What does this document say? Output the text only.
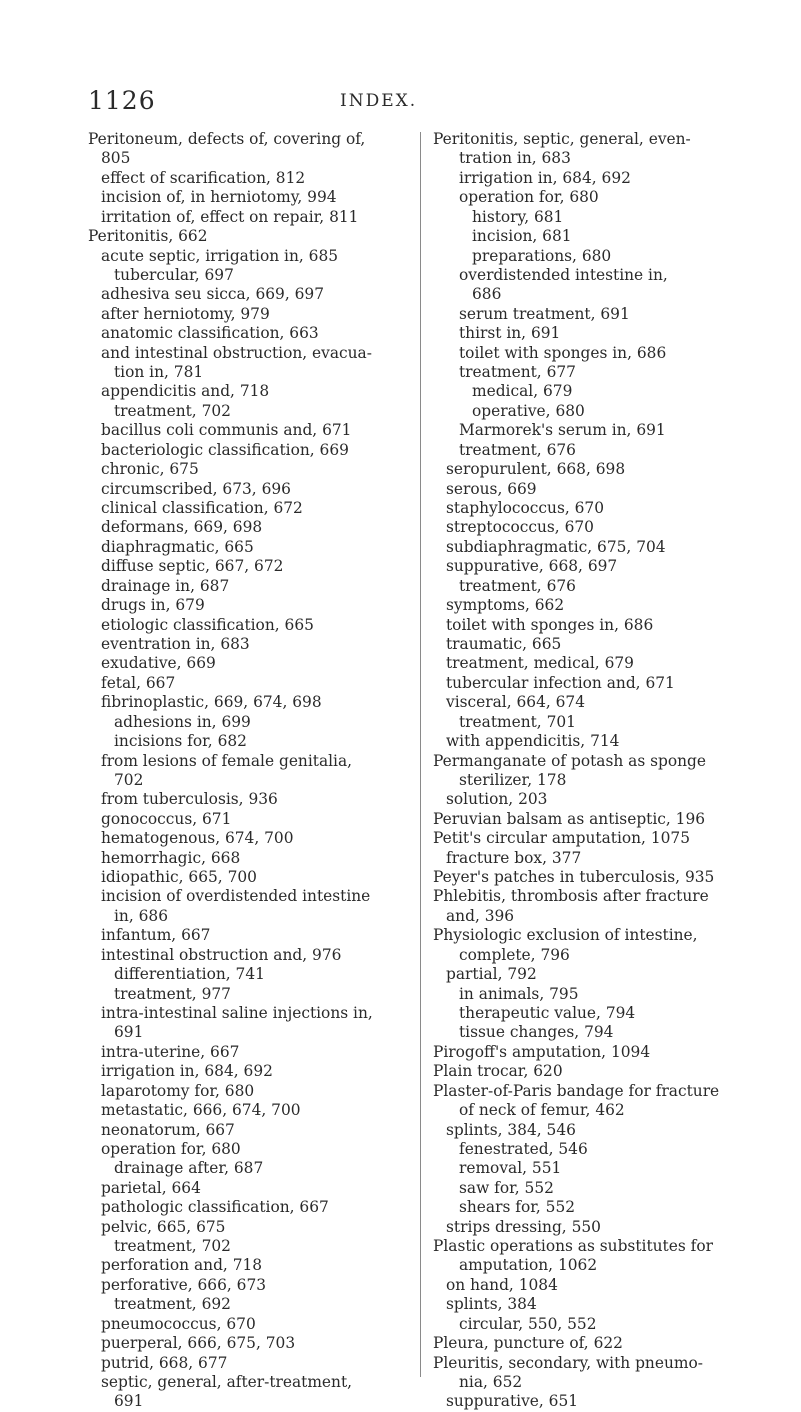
1126	INDEX.
Peritoneum, defects of, covering of,
805
effect of scarification, 812
incision of, in herniotomy, 994
irritation of, effect on repair, 811
Peritonitis, 662
acute septic, irrigation in, 685
tubercular, 697
adhesiva seu sicca, 669, 697
after herniotomy, 979
anatomic classification, 663
and intestinal obstruction, evacua-
tion in, 781
appendicitis and, 718
treatment, 702
bacillus coli communis and, 671
bacteriologic classification, 669
chronic, 675
circumscribed, 673, 696
clinical classification, 672
deformans, 669, 698
diaphragmatic, 665
diffuse septic, 667, 672
drainage in, 687
drugs in, 679
etiologic classification, 665
eventration in, 683
exudative, 669
fetal, 667
fibrinoplastic, 669, 674, 698
adhesions in, 699
incisions for, 682
from lesions of female genitalia,
702
from tuberculosis, 936
gonococcus, 671
hematogenous, 674, 700
hemorrhagic, 668
idiopathic, 665, 700
incision of overdistended intestine
in, 686
infantum, 667
intestinal obstruction and, 976
differentiation, 741
treatment, 977
intra-intestinal saline injections in,
691
intra-uterine, 667
irrigation in, 684, 692
laparotomy for, 680
metastatic, 666, 674, 700
neonatorum, 667
operation for, 680
drainage after, 687
parietal, 664
pathologic classification, 667
pelvic, 665, 675
treatment, 702
perforation and, 718
perforative, 666, 673
treatment, 692
pneumococcus, 670
puerperal, 666, 675, 703
putrid, 668, 677
septic, general, after-treatment,
691
Peritonitis, septic, general, even-
tration in, 683
irrigation in, 684, 692
operation for, 680
history, 681
incision, 681
preparations, 680
overdistended intestine in,
686
serum treatment, 691
thirst in, 691
toilet with sponges in, 686
treatment, 677
medical, 679
operative, 680
Marmorek's serum in, 691
treatment, 676
seropurulent, 668, 698
serous, 669
staphylococcus, 670
streptococcus, 670
subdiaphragmatic, 675, 704
suppurative, 668, 697
treatment, 676
symptoms, 662
toilet with sponges in, 686
traumatic, 665
treatment, medical, 679
tubercular infection and, 671
visceral, 664, 674
treatment, 701
with appendicitis, 714
Permanganate of potash as sponge
sterilizer, 178
solution, 203
Peruvian balsam as antiseptic, 196
Petit's circular amputation, 1075
fracture box, 377
Peyer's patches in tuberculosis, 935
Phlebitis, thrombosis after fracture
and, 396
Physiologic exclusion of intestine,
complete, 796
partial, 792
in animals, 795
therapeutic value, 794
tissue changes, 794
Pirogoff's amputation, 1094
Plain trocar, 620
Plaster-of-Paris bandage for fracture
of neck of femur, 462
splints, 384, 546
fenestrated, 546
removal, 551
saw for, 552
shears for, 552
strips dressing, 550
Plastic operations as substitutes for
amputation, 1062
on hand, 1084
splints, 384
circular, 550, 552
Pleura, puncture of, 622
Pleuritis, secondary, with pneumo-
nia, 652
suppurative, 651
